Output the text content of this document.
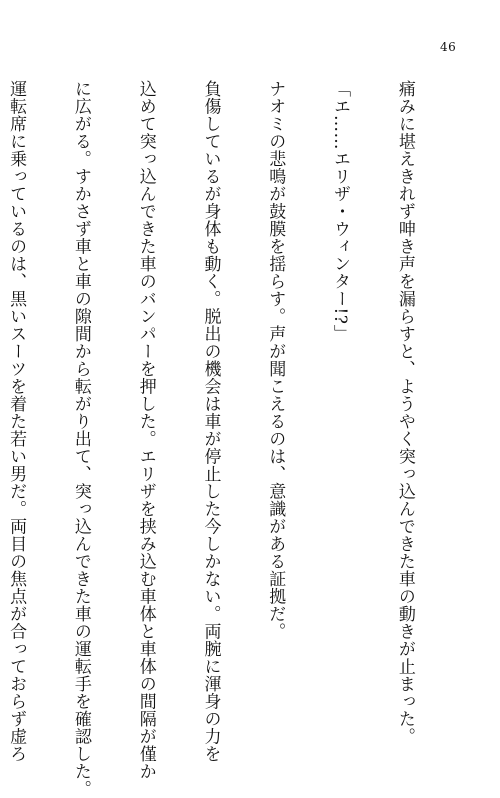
46

痛みに堪えきれず呻き声を漏らすと、ようやく突っ込んできた車の動きが止まった。

「エ……エリザ・ウィンター!?」

ナオミの悲鳴が鼓膜を揺らす。声が聞こえるのは、意識がある証拠だ。

負傷しているが身体も動く。脱出の機会は車が停止した今しかない。両腕に渾身の力を

込めて突っ込んできた車のバンパーを押した。エリザを挟み込む車体と車体の間隔が僅か

に広がる。すかさず車と車の隙間から転がり出て、突っ込んできた車の運転手を確認した。

運転席に乗っているのは、黒いスーツを着た若い男だ。両目の焦点が合っておらず虚ろ
